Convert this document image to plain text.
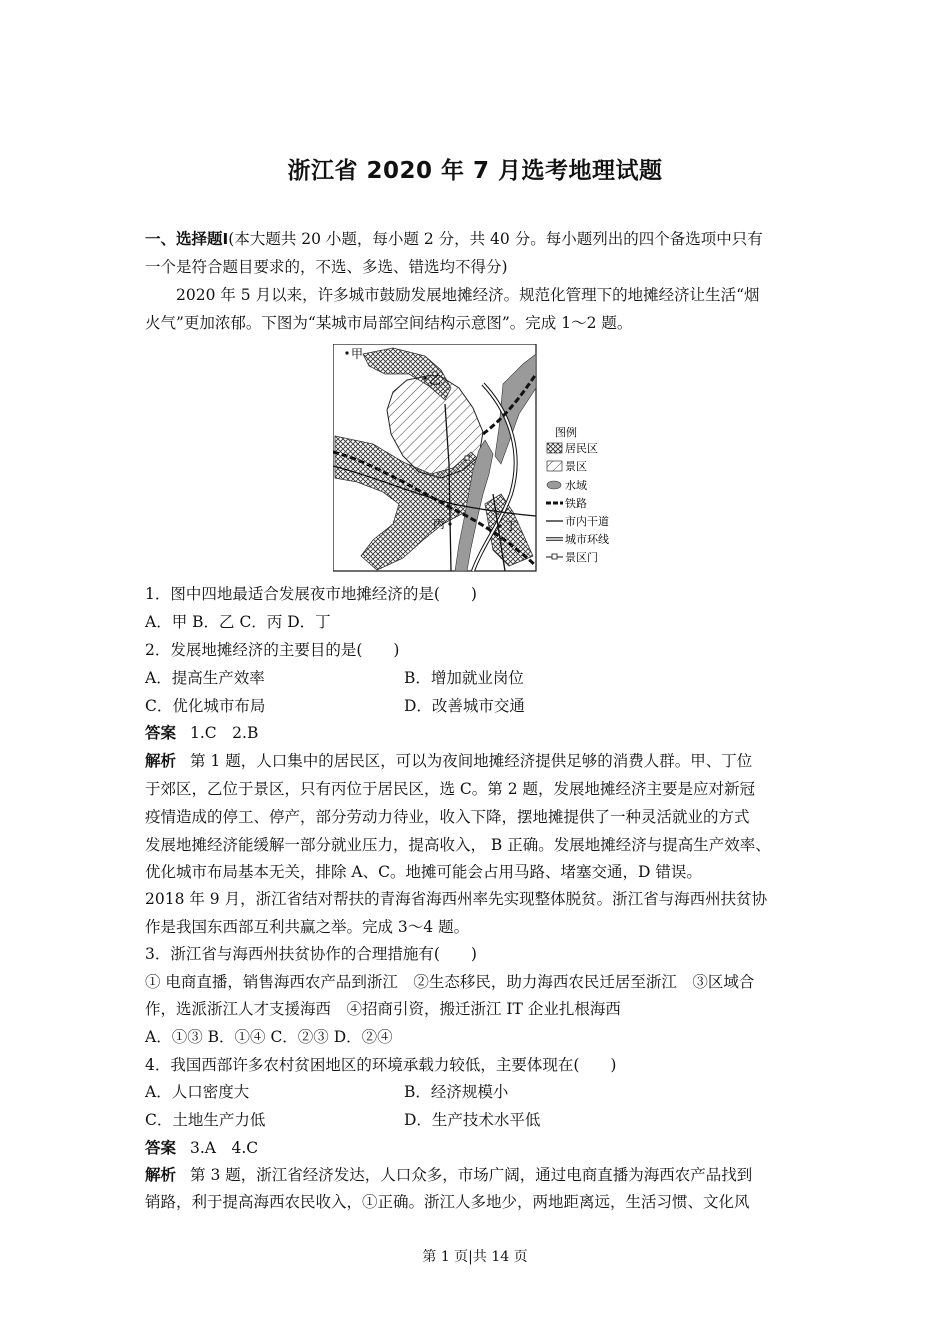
浙江省 2020 年 7 月选考地理试题
一、选择题Ⅰ(本大题共 20 小题，每小题 2 分，共 40 分。每小题列出的四个备选项中只有
一个是符合题目要求的，不选、多选、错选均不得分)
2020 年 5 月以来，许多城市鼓励发展地摊经济。规范化管理下的地摊经济让生活“烟
火气”更加浓郁。下图为“某城市局部空间结构示意图”。完成 1～2 题。
甲
乙
丙	丁
图例
居民区
景区
水域
铁路
市内干道
城市环线
景区门
1．图中四地最适合发展夜市地摊经济的是(　　)
A．甲 B．乙 C．丙 D．丁
2．发展地摊经济的主要目的是(　　)
A．提高生产效率	B．增加就业岗位
C．优化城市布局	D．改善城市交通
答案 1.C　2.B
解析 第 1 题，人口集中的居民区，可以为夜间地摊经济提供足够的消费人群。甲、丁位
于郊区，乙位于景区，只有丙位于居民区，选 C。第 2 题，发展地摊经济主要是应对新冠
疫情造成的停工、停产，部分劳动力待业，收入下降，摆地摊提供了一种灵活就业的方式
发展地摊经济能缓解一部分就业压力，提高收入， B 正确。发展地摊经济与提高生产效率、
优化城市布局基本无关，排除 A、C。地摊可能会占用马路、堵塞交通，D 错误。
2018 年 9 月，浙江省结对帮扶的青海省海西州率先实现整体脱贫。浙江省与海西州扶贫协
作是我国东西部互利共赢之举。完成 3～4 题。
3．浙江省与海西州扶贫协作的合理措施有(　　)
① 电商直播，销售海西农产品到浙江　②生态移民，助力海西农民迁居至浙江　③区域合
作，选派浙江人才支援海西　④招商引资，搬迁浙江 IT 企业扎根海西
A．①③ B．①④ C．②③ D．②④
4．我国西部许多农村贫困地区的环境承载力较低，主要体现在(　　)
A．人口密度大	B．经济规模小
C．土地生产力低	D．生产技术水平低
答案 3.A　4.C
解析 第 3 题，浙江省经济发达，人口众多，市场广阔，通过电商直播为海西农产品找到
销路，利于提高海西农民收入，①正确。浙江人多地少，两地距离远，生活习惯、文化风
第 1 页|共 14 页
